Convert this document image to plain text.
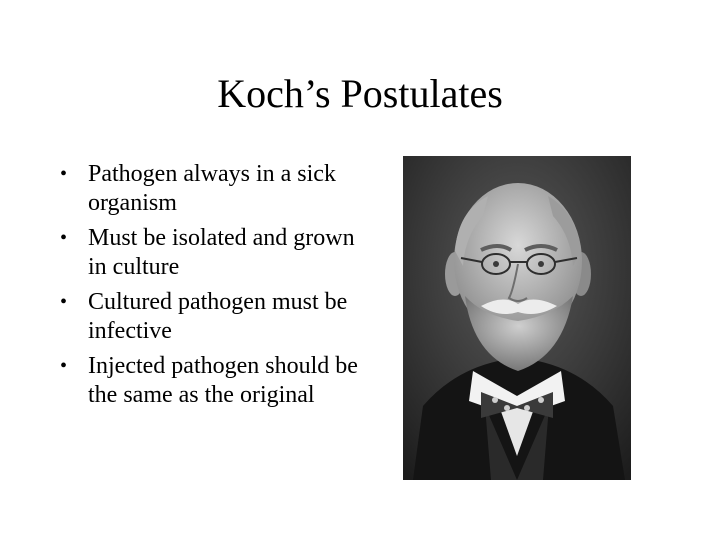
Koch’s Postulates
• Pathogen always in a sick organism
• Must be isolated and grown in culture
• Cultured pathogen must be infective
• Injected pathogen should be the same as the original
